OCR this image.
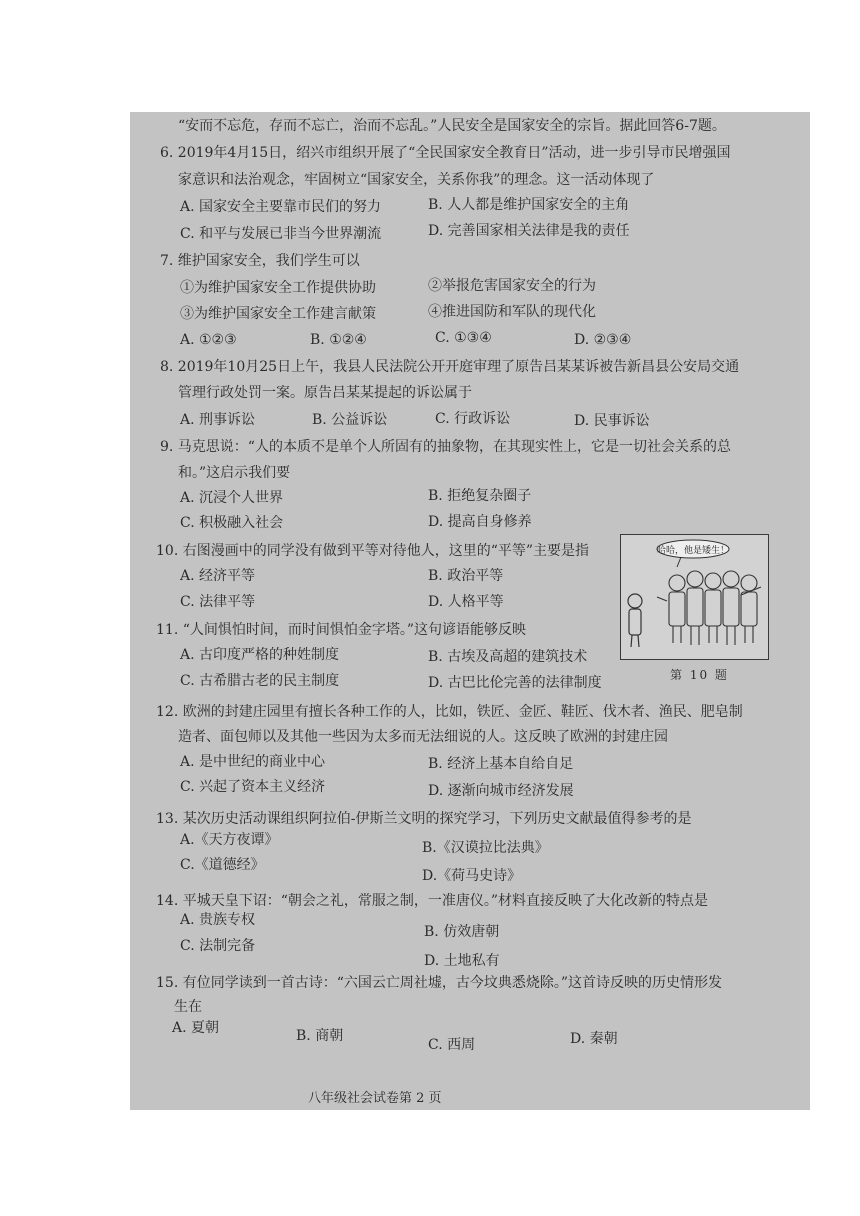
“安而不忘危，存而不忘亡，治而不忘乱。”人民安全是国家安全的宗旨。据此回答6-7题。
6. 2019年4月15日，绍兴市组织开展了“全民国家安全教育日”活动，进一步引导市民增强国
家意识和法治观念，牢固树立“国家安全，关系你我”的理念。这一活动体现了
A. 国家安全主要靠市民们的努力	B. 人人都是维护国家安全的主角
C. 和平与发展已非当今世界潮流	D. 完善国家相关法律是我的责任
7. 维护国家安全，我们学生可以
①为维护国家安全工作提供协助	②举报危害国家安全的行为
③为维护国家安全工作建言献策	④推进国防和军队的现代化
A. ①②③	B. ①②④	C. ①③④	D. ②③④
8. 2019年10月25日上午，我县人民法院公开开庭审理了原告吕某某诉被告新昌县公安局交通
管理行政处罚一案。原告吕某某提起的诉讼属于
A. 刑事诉讼	B. 公益诉讼	C. 行政诉讼	D. 民事诉讼
9. 马克思说：“人的本质不是单个人所固有的抽象物，在其现实性上，它是一切社会关系的总
和。”这启示我们要
A. 沉浸个人世界	B. 拒绝复杂圈子
C. 积极融入社会	D. 提高自身修养
10. 右图漫画中的同学没有做到平等对待他人，这里的“平等”主要是指
A. 经济平等	B. 政治平等
C. 法律平等	D. 人格平等
哈哈，他是矮生！
第 10 题
11. “人间惧怕时间，而时间惧怕金字塔。”这句谚语能够反映
A. 古印度严格的种姓制度	B. 古埃及高超的建筑技术
C. 古希腊古老的民主制度	D. 古巴比伦完善的法律制度
12. 欧洲的封建庄园里有擅长各种工作的人，比如，铁匠、金匠、鞋匠、伐木者、渔民、肥皂制
造者、面包师以及其他一些因为太多而无法细说的人。这反映了欧洲的封建庄园
A. 是中世纪的商业中心	B. 经济上基本自给自足
C. 兴起了资本主义经济	D. 逐渐向城市经济发展
13. 某次历史活动课组织阿拉伯-伊斯兰文明的探究学习，下列历史文献最值得参考的是
A.《天方夜谭》	B.《汉谟拉比法典》
C.《道德经》
D.《荷马史诗》
14. 平城天皇下诏：“朝会之礼，常服之制，一准唐仪。”材料直接反映了大化改新的特点是
A. 贵族专权
B. 仿效唐朝
C. 法制完备
D. 土地私有
15. 有位同学读到一首古诗：“六国云亡周社墟，古今坟典悉烧除。”这首诗反映的历史情形发
生在
A. 夏朝	B. 商朝
C. 西周	D. 秦朝
八年级社会试卷第 2 页
